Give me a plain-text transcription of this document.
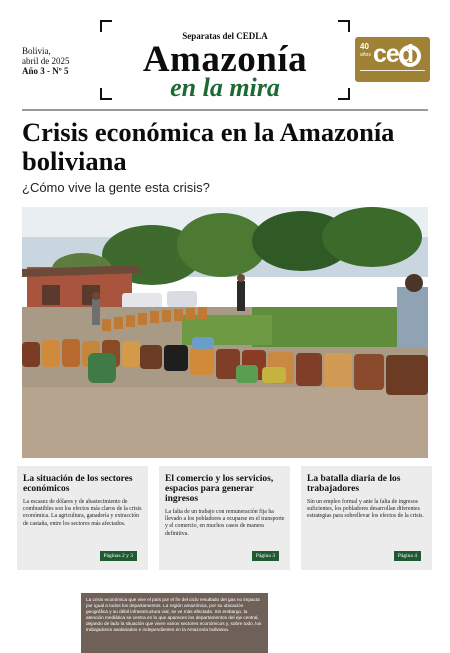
Bolivia,
abril de 2025
Año 3 - Nº 5
Separatas del CEDLA
Amazonía
en la mira
40
años ced
Crisis económica en la Amazonía boliviana
¿Cómo vive la gente esta crisis?
La crisis económica que vive el país por el fin del ciclo resultado del gas no impacta por igual a todos los departamentos. La región amazónica, por su ubicación geográfica y su débil infraestructura vial, se ve más afectada. Sin embargo, la atención mediática se centra en lo que aparecen los departamentos del eje central, dejando de lado la situación que viven varios sectores económicos y, sobre todo, los trabajadores asalariados e independientes en la Amazonía boliviana.
La situación de los sectores económicos
La escasez de dólares y de abastecimiento de combustibles son los efectos más claros de la crisis económica. La agricultura, ganadería y extracción de castaña, entre los sectores más afectados.
Páginas 2 y 3
El comercio y los servicios, espacios para generar ingresos
La falta de un trabajo con remuneración fija ha llevado a los pobladores a ocuparse en el transporte y el comercio, en muchos casos de manera definitiva.
Página 3
La batalla diaria de los trabajadores
Sin un empleo formal y ante la falta de ingresos suficientes, los pobladores desarrollan diferentes estrategias para sobrellevar los efectos de la crisis.
Página 4
